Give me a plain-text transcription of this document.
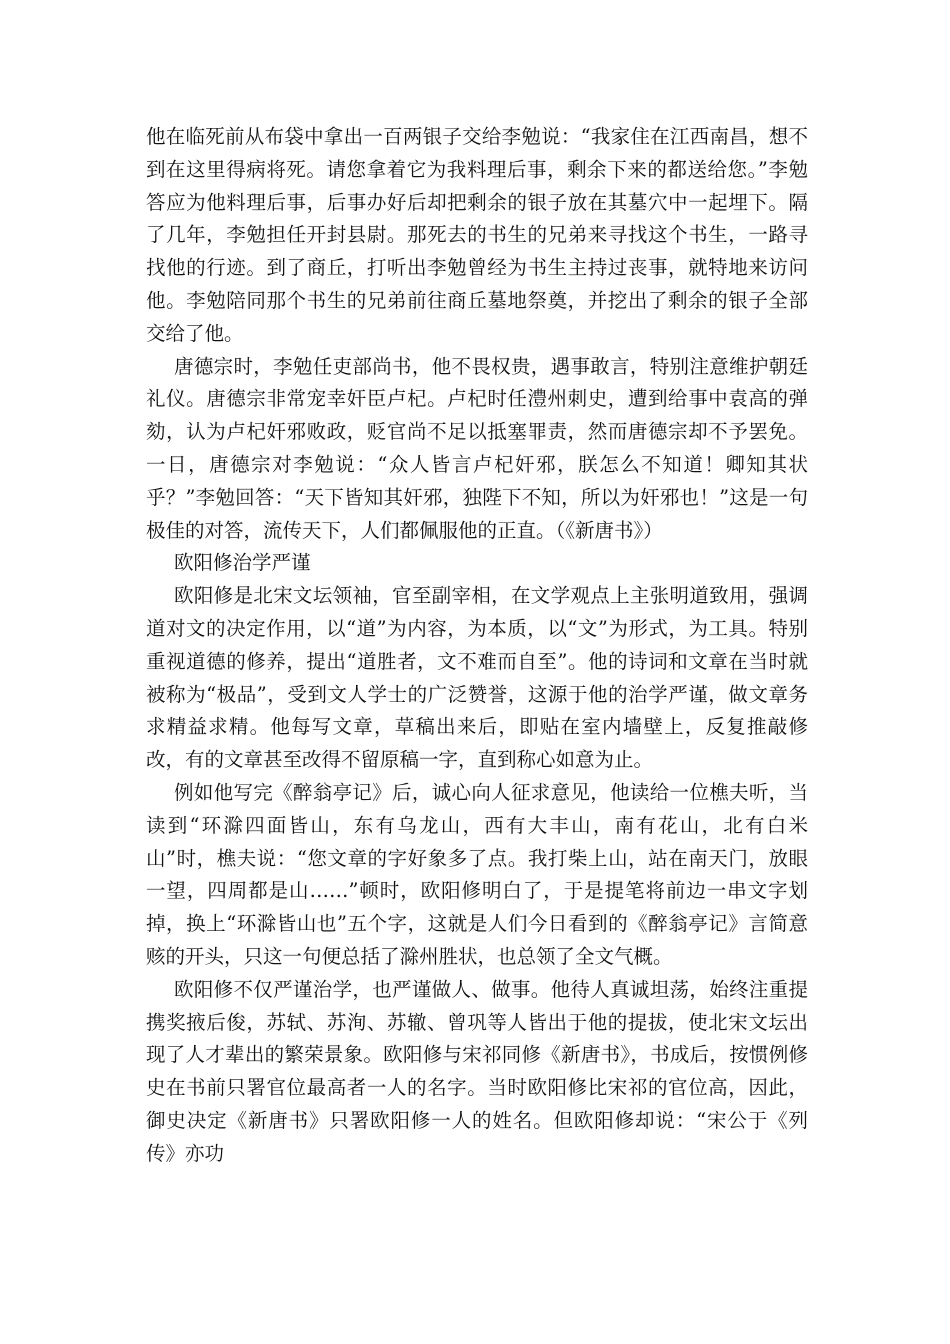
他在临死前从布袋中拿出一百两银子交给李勉说：“我家住在江西南昌，想不到在这里得病将死。请您拿着它为我料理后事，剩余下来的都送给您。”李勉答应为他料理后事，后事办好后却把剩余的银子放在其墓穴中一起埋下。隔了几年，李勉担任开封县尉。那死去的书生的兄弟来寻找这个书生，一路寻找他的行迹。到了商丘，打听出李勉曾经为书生主持过丧事，就特地来访问他。李勉陪同那个书生的兄弟前往商丘墓地祭奠，并挖出了剩余的银子全部交给了他。

唐德宗时，李勉任吏部尚书，他不畏权贵，遇事敢言，特别注意维护朝廷礼仪。唐德宗非常宠幸奸臣卢杞。卢杞时任澧州刺史，遭到给事中袁高的弹劾，认为卢杞奸邪败政，贬官尚不足以抵塞罪责，然而唐德宗却不予罢免。一日，唐德宗对李勉说：“众人皆言卢杞奸邪，朕怎么不知道！卿知其状乎？”李勉回答：“天下皆知其奸邪，独陛下不知，所以为奸邪也！”这是一句极佳的对答，流传天下，人们都佩服他的正直。（《新唐书》）

欧阳修治学严谨

欧阳修是北宋文坛领袖，官至副宰相，在文学观点上主张明道致用，强调道对文的决定作用，以“道”为内容，为本质，以“文”为形式，为工具。特别重视道德的修养，提出“道胜者，文不难而自至”。他的诗词和文章在当时就被称为“极品”，受到文人学士的广泛赞誉，这源于他的治学严谨，做文章务求精益求精。他每写文章，草稿出来后，即贴在室内墙壁上，反复推敲修改，有的文章甚至改得不留原稿一字，直到称心如意为止。

例如他写完《醉翁亭记》后，诚心向人征求意见，他读给一位樵夫听，当读到“环滁四面皆山，东有乌龙山，西有大丰山，南有花山，北有白米山”时，樵夫说：“您文章的字好象多了点。我打柴上山，站在南天门，放眼一望，四周都是山……”顿时，欧阳修明白了，于是提笔将前边一串文字划掉，换上“环滁皆山也”五个字，这就是人们今日看到的《醉翁亭记》言简意赅的开头，只这一句便总括了滁州胜状，也总领了全文气概。

欧阳修不仅严谨治学，也严谨做人、做事。他待人真诚坦荡，始终注重提携奖掖后俊，苏轼、苏洵、苏辙、曾巩等人皆出于他的提拔，使北宋文坛出现了人才辈出的繁荣景象。欧阳修与宋祁同修《新唐书》，书成后，按惯例修史在书前只署官位最高者一人的名字。当时欧阳修比宋祁的官位高，因此，御史决定《新唐书》只署欧阳修一人的姓名。但欧阳修却说：“宋公于《列传》亦功
